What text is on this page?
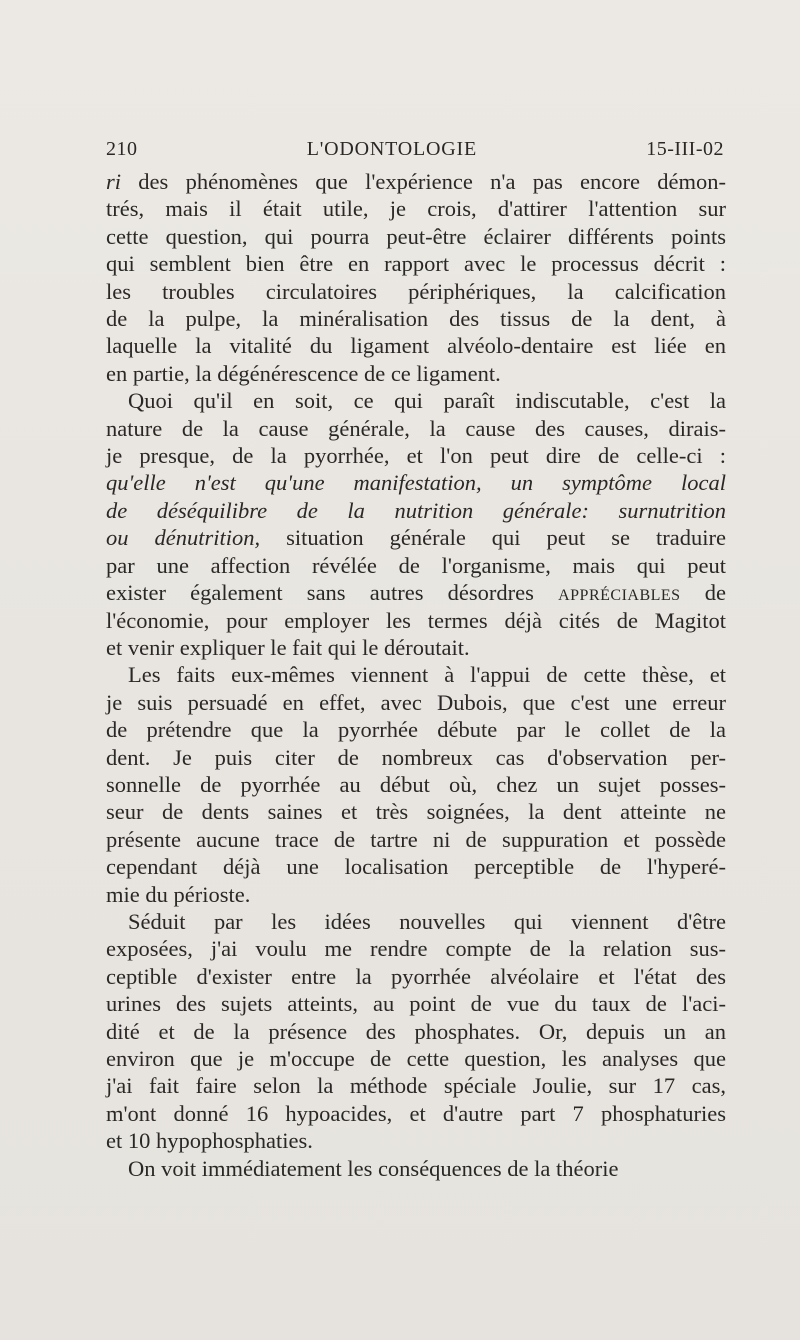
210	L'ODONTOLOGIE	15-III-02
ri des phénomènes que l'expérience n'a pas encore démon-
trés, mais il était utile, je crois, d'attirer l'attention sur
cette question, qui pourra peut-être éclairer différents points
qui semblent bien être en rapport avec le processus décrit :
les troubles circulatoires périphériques, la calcification
de la pulpe, la minéralisation des tissus de la dent, à
laquelle la vitalité du ligament alvéolo-dentaire est liée en
en partie, la dégénérescence de ce ligament.
Quoi qu'il en soit, ce qui paraît indiscutable, c'est la
nature de la cause générale, la cause des causes, dirais-
je presque, de la pyorrhée, et l'on peut dire de celle-ci :
qu'elle n'est qu'une manifestation, un symptôme local
de déséquilibre de la nutrition générale: surnutrition
ou dénutrition, situation générale qui peut se traduire
par une affection révélée de l'organisme, mais qui peut
exister également sans autres désordres appréciables de
l'économie, pour employer les termes déjà cités de Magitot
et venir expliquer le fait qui le déroutait.
Les faits eux-mêmes viennent à l'appui de cette thèse, et
je suis persuadé en effet, avec Dubois, que c'est une erreur
de prétendre que la pyorrhée débute par le collet de la
dent. Je puis citer de nombreux cas d'observation per-
sonnelle de pyorrhée au début où, chez un sujet posses-
seur de dents saines et très soignées, la dent atteinte ne
présente aucune trace de tartre ni de suppuration et possède
cependant déjà une localisation perceptible de l'hyperé-
mie du périoste.
Séduit par les idées nouvelles qui viennent d'être
exposées, j'ai voulu me rendre compte de la relation sus-
ceptible d'exister entre la pyorrhée alvéolaire et l'état des
urines des sujets atteints, au point de vue du taux de l'aci-
dité et de la présence des phosphates. Or, depuis un an
environ que je m'occupe de cette question, les analyses que
j'ai fait faire selon la méthode spéciale Joulie, sur 17 cas,
m'ont donné 16 hypoacides, et d'autre part 7 phosphaturies
et 10 hypophosphaties.
On voit immédiatement les conséquences de la théorie
